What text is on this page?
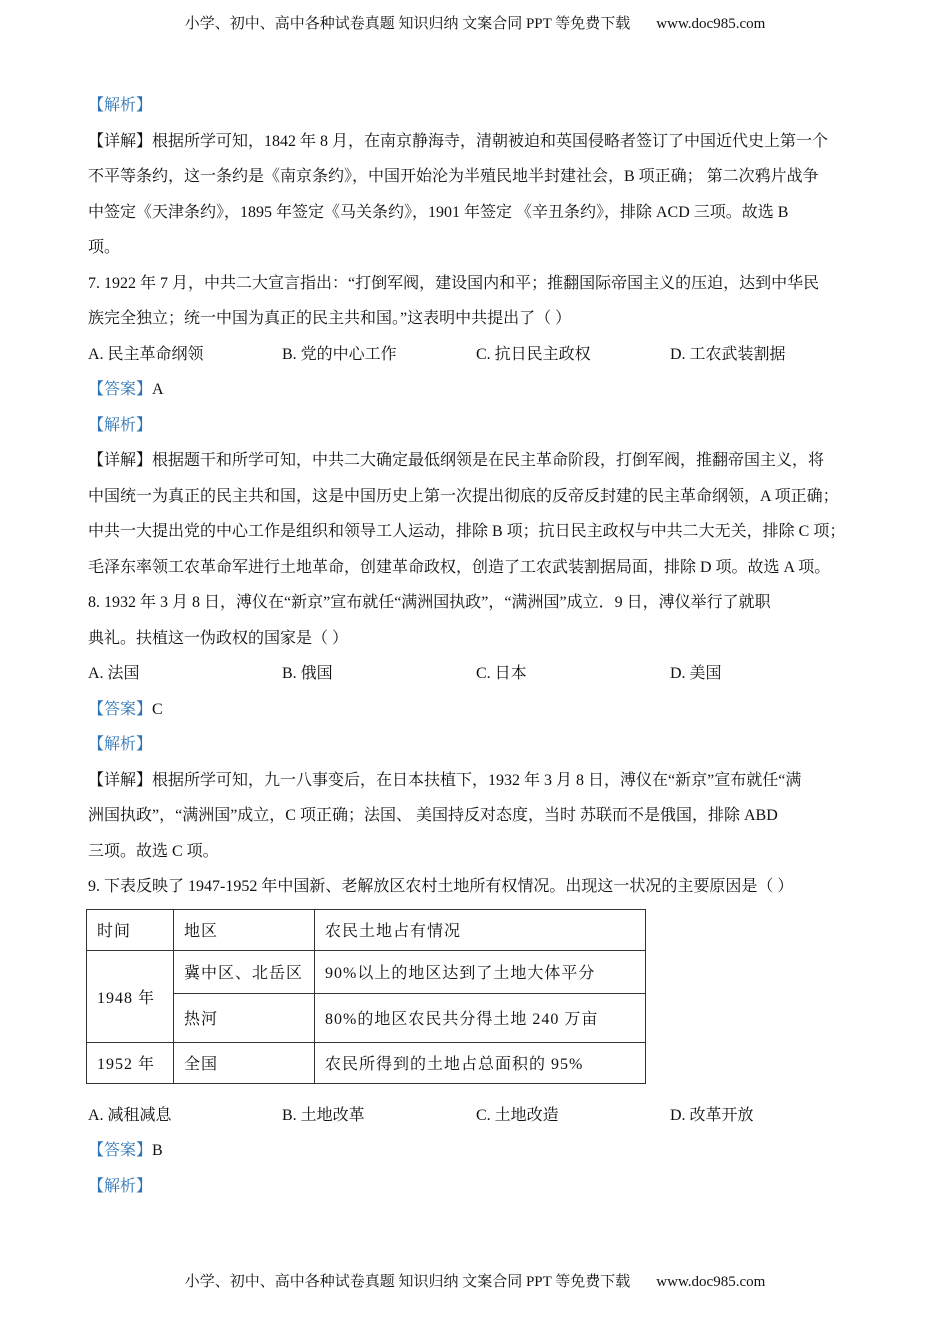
小学、初中、高中各种试卷真题 知识归纳 文案合同 PPT 等免费下载 www.doc985.com
【解析】
【详解】根据所学可知，1842 年 8 月，在南京静海寺，清朝被迫和英国侵略者签订了中国近代史上第一个
不平等条约，这一条约是《南京条约》，中国开始沦为半殖民地半封建社会，B 项正确； 第二次鸦片战争
中签定《天津条约》，1895 年签定《马关条约》，1901 年签定 《辛丑条约》，排除 ACD 三项。故选 B
项。
7. 1922 年 7 月，中共二大宣言指出：“打倒军阀，建设国内和平；推翻国际帝国主义的压迫，达到中华民
族完全独立；统一中国为真正的民主共和国。”这表明中共提出了（ ）
A. 民主革命纲领	B. 党的中心工作	C. 抗日民主政权	D. 工农武装割据
【答案】A
【解析】
【详解】根据题干和所学可知，中共二大确定最低纲领是在民主革命阶段，打倒军阀，推翻帝国主义，将
中国统一为真正的民主共和国，这是中国历史上第一次提出彻底的反帝反封建的民主革命纲领，A 项正确；
中共一大提出党的中心工作是组织和领导工人运动，排除 B 项；抗日民主政权与中共二大无关，排除 C 项；
毛泽东率领工农革命军进行土地革命，创建革命政权，创造了工农武装割据局面，排除 D 项。故选 A 项。
8. 1932 年 3 月 8 日，溥仪在“新京”宣布就任“满洲国执政”，“满洲国”成立．9 日，溥仪举行了就职
典礼。扶植这一伪政权的国家是（ ）
A. 法国	B. 俄国	C. 日本	D. 美国
【答案】C
【解析】
【详解】根据所学可知，九一八事变后，在日本扶植下，1932 年 3 月 8 日，溥仪在“新京”宣布就任“满
洲国执政”，“满洲国”成立，C 项正确；法国、 美国持反对态度，当时 苏联而不是俄国，排除 ABD
三项。故选 C 项。
9. 下表反映了 1947-1952 年中国新、老解放区农村土地所有权情况。出现这一状况的主要原因是（ ）
时间	地区	农民土地占有情况
1948 年	冀中区、北岳区	90%以上的地区达到了土地大体平分
	热河	80%的地区农民共分得土地 240 万亩
1952 年	全国	农民所得到的土地占总面积的 95%
A. 减租减息	B. 土地改革	C. 土地改造	D. 改革开放
【答案】B
【解析】
小学、初中、高中各种试卷真题 知识归纳 文案合同 PPT 等免费下载 www.doc985.com
